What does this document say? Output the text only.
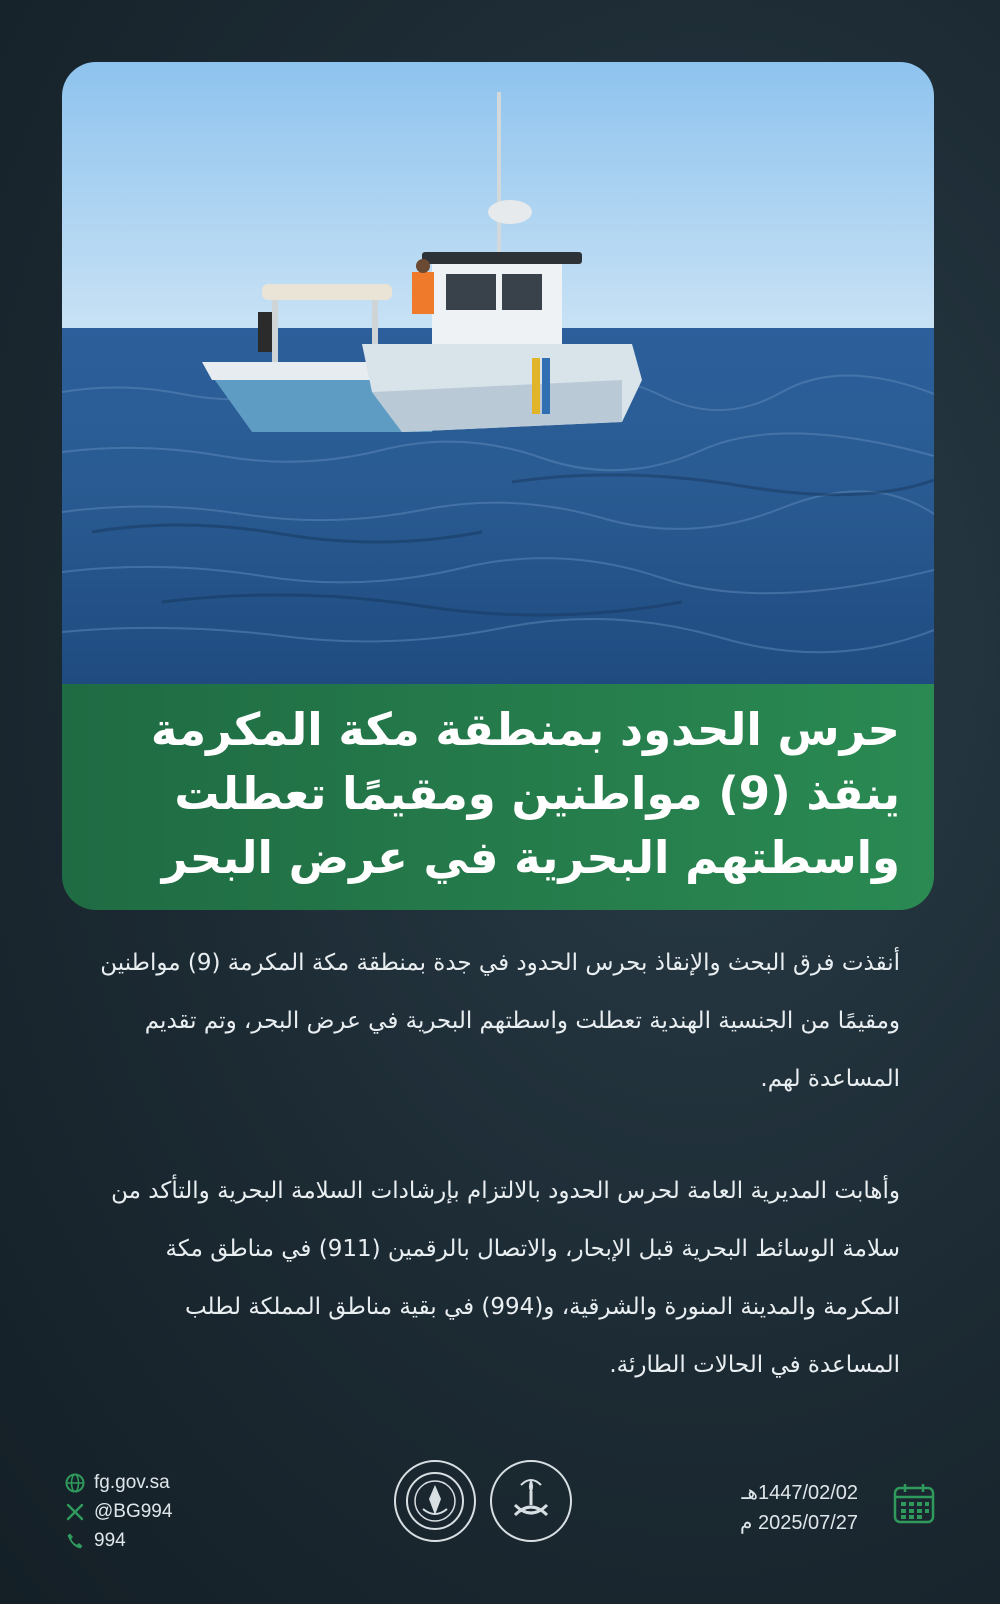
حرس الحدود بمنطقة مكة المكرمة
ينقذ (9) مواطنين ومقيمًا تعطلت
واسطتهم البحرية في عرض البحر

أنقذت فرق البحث والإنقاذ بحرس الحدود في جدة بمنطقة مكة المكرمة (9) مواطنين ومقيمًا من الجنسية الهندية تعطلت واسطتهم البحرية في عرض البحر، وتم تقديم المساعدة لهم.

وأهابت المديرية العامة لحرس الحدود بالالتزام بإرشادات السلامة البحرية والتأكد من سلامة الوسائط البحرية قبل الإبحار، والاتصال بالرقمين (911) في مناطق مكة المكرمة والمدينة المنورة والشرقية، و(994) في بقية مناطق المملكة لطلب المساعدة في الحالات الطارئة.

fg.gov.sa
@BG994
994
1447/02/02هـ
2025/07/27 م
